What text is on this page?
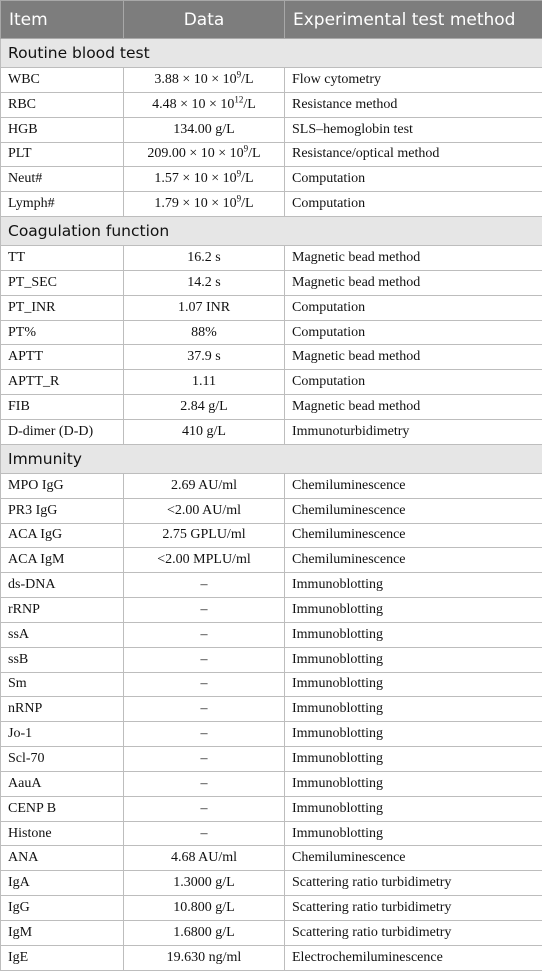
Item	Data	Experimental test method
Routine blood test		
WBC	$3.88 \times 10 \times 10^9/L$	Flow cytometry
RBC	$4.48 \times 10 \times 10^{12}/L$	Resistance method
HGB	134.00 g/L	SLS–hemoglobin test
PLT	$209.00 \times 10 \times 10^9/L$	Resistance/optical method
Neut#	$1.57 \times 10 \times 10^9/L$	Computation
Lymph#	$1.79 \times 10 \times 10^9/L$	Computation
Coagulation function		
TT	16.2 s	Magnetic bead method
PT_SEC	14.2 s	Magnetic bead method
PT_INR	1.07 INR	Computation
PT%	88%	Computation
APTT	37.9 s	Magnetic bead method
APTT_R	1.11	Computation
FIB	2.84 g/L	Magnetic bead method
D-dimer (D-D)	410 g/L	Immunoturbidimetry
Immunity		
MPO IgG	2.69 AU/ml	Chemiluminescence
PR3 IgG	<2.00 AU/ml	Chemiluminescence
ACA IgG	2.75 GPLU/ml	Chemiluminescence
ACA IgM	<2.00 MPLU/ml	Chemiluminescence
ds-DNA	–	Immunoblotting
rRNP	–	Immunoblotting
ssA	–	Immunoblotting
ssB	–	Immunoblotting
Sm	–	Immunoblotting
nRNP	–	Immunoblotting
Jo-1	–	Immunoblotting
Scl-70	–	Immunoblotting
AauA	–	Immunoblotting
CENP B	–	Immunoblotting
Histone	–	Immunoblotting
ANA	4.68 AU/ml	Chemiluminescence
IgA	1.3000 g/L	Scattering ratio turbidimetry
IgG	10.800 g/L	Scattering ratio turbidimetry
IgM	1.6800 g/L	Scattering ratio turbidimetry
IgE	19.630 ng/ml	Electrochemiluminescence
